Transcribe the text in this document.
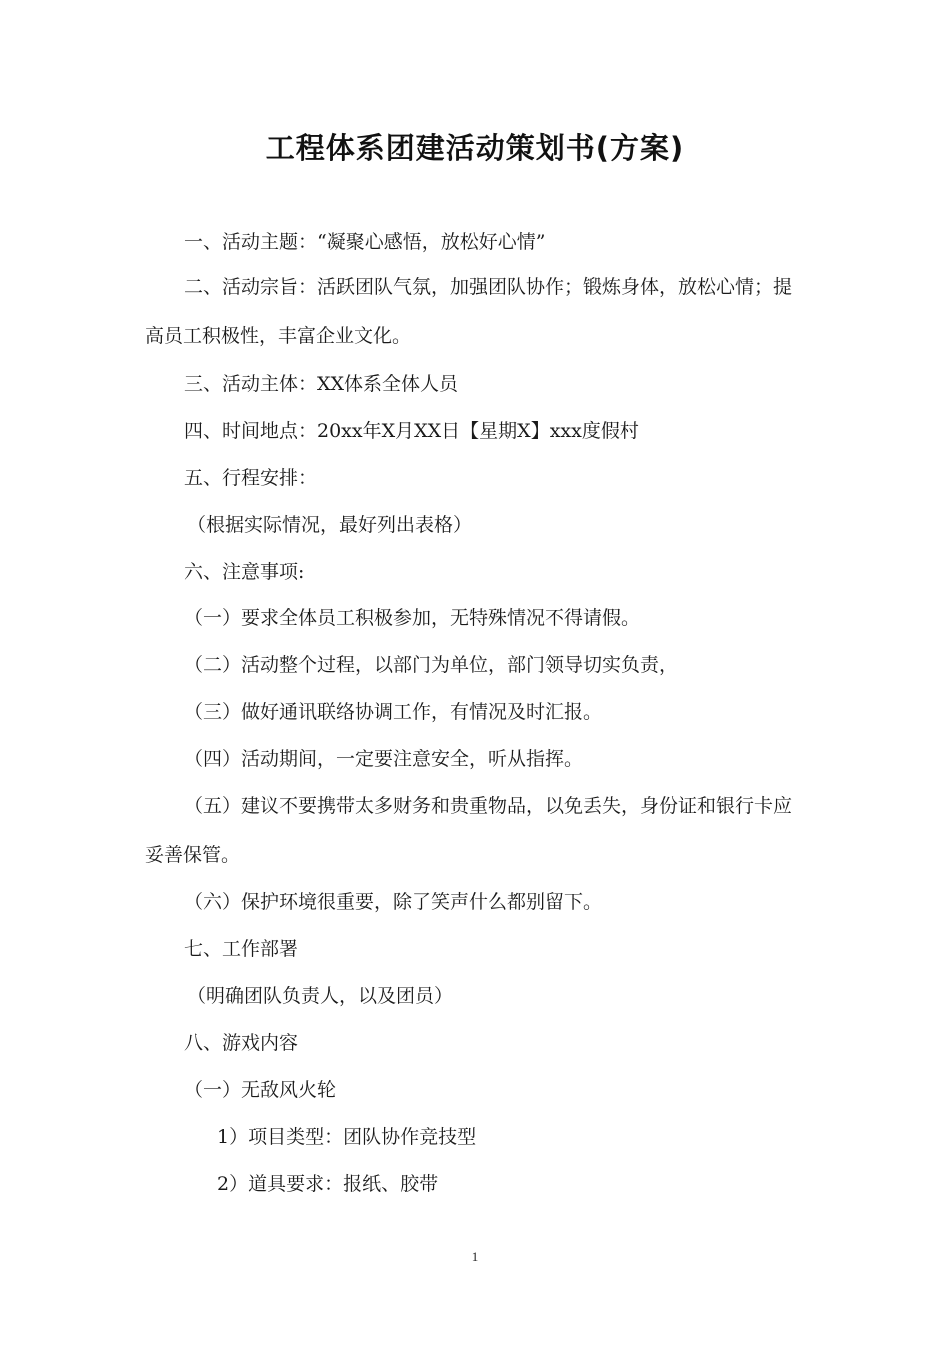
工程体系团建活动策划书(方案)
一、活动主题：“凝聚心感悟，放松好心情”
二、活动宗旨：活跃团队气氛，加强团队协作；锻炼身体，放松心情；提
高员工积极性，丰富企业文化。
三、活动主体：XX体系全体人员
四、时间地点：20xx年X月XX日【星期X】xxx度假村
五、行程安排：
（根据实际情况，最好列出表格）
六、注意事项:
（一）要求全体员工积极参加，无特殊情况不得请假。
（二）活动整个过程，以部门为单位，部门领导切实负责，
（三）做好通讯联络协调工作，有情况及时汇报。
（四）活动期间，一定要注意安全，听从指挥。
（五）建议不要携带太多财务和贵重物品，以免丢失，身份证和银行卡应
妥善保管。
（六）保护环境很重要，除了笑声什么都别留下。
七、工作部署
（明确团队负责人，以及团员）
八、游戏内容
（一）无敌风火轮
1）项目类型：团队协作竞技型
2）道具要求：报纸、胶带
1
